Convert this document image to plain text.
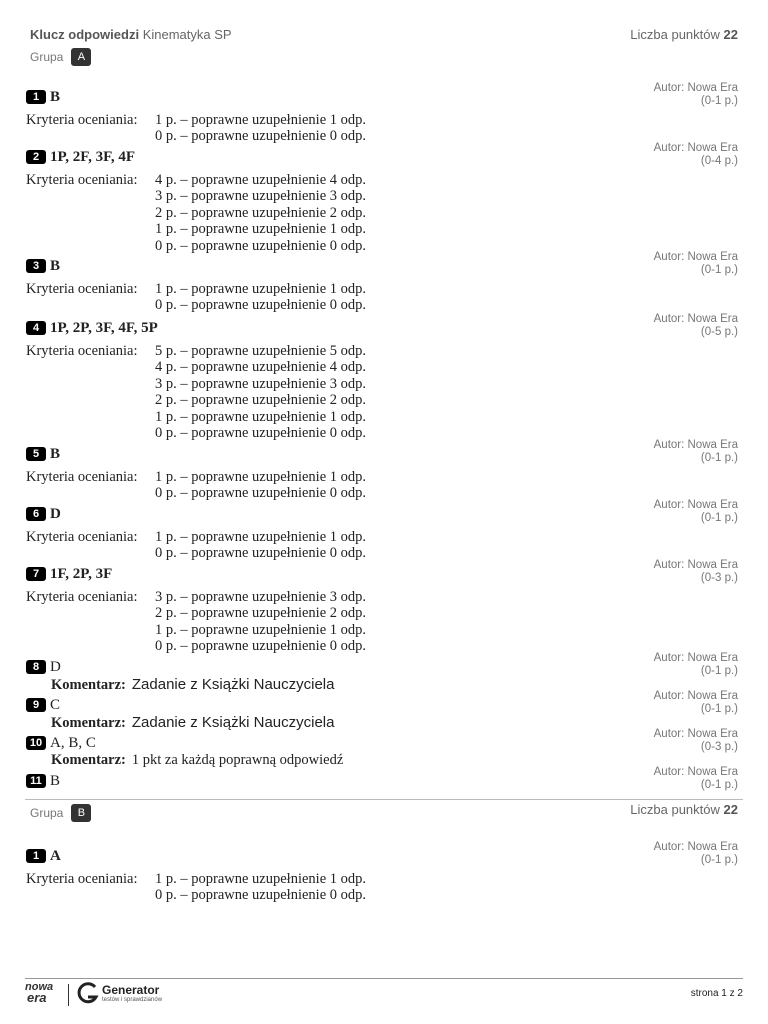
Klucz odpowiedzi Kinematyka SP	Liczba punktów 22
Grupa	A
1 B
Autor: Nowa Era
(0-1 p.)
Kryteria oceniania:	1 p. – poprawne uzupełnienie 1 odp.
0 p. – poprawne uzupełnienie 0 odp.
2 1P, 2F, 3F, 4F
Autor: Nowa Era
(0-4 p.)
Kryteria oceniania:	4 p. – poprawne uzupełnienie 4 odp.
3 p. – poprawne uzupełnienie 3 odp.
2 p. – poprawne uzupełnienie 2 odp.
1 p. – poprawne uzupełnienie 1 odp.
0 p. – poprawne uzupełnienie 0 odp.
3 B
Autor: Nowa Era
(0-1 p.)
Kryteria oceniania:	1 p. – poprawne uzupełnienie 1 odp.
0 p. – poprawne uzupełnienie 0 odp.
4 1P, 2P, 3F, 4F, 5P
Autor: Nowa Era
(0-5 p.)
Kryteria oceniania:	5 p. – poprawne uzupełnienie 5 odp.
4 p. – poprawne uzupełnienie 4 odp.
3 p. – poprawne uzupełnienie 3 odp.
2 p. – poprawne uzupełnienie 2 odp.
1 p. – poprawne uzupełnienie 1 odp.
0 p. – poprawne uzupełnienie 0 odp.
5 B
Autor: Nowa Era
(0-1 p.)
Kryteria oceniania:	1 p. – poprawne uzupełnienie 1 odp.
0 p. – poprawne uzupełnienie 0 odp.
6 D
Autor: Nowa Era
(0-1 p.)
Kryteria oceniania:	1 p. – poprawne uzupełnienie 1 odp.
0 p. – poprawne uzupełnienie 0 odp.
7 1F, 2P, 3F
Autor: Nowa Era
(0-3 p.)
Kryteria oceniania:	3 p. – poprawne uzupełnienie 3 odp.
2 p. – poprawne uzupełnienie 2 odp.
1 p. – poprawne uzupełnienie 1 odp.
0 p. – poprawne uzupełnienie 0 odp.
8 D
Autor: Nowa Era
(0-1 p.)
Komentarz: Zadanie z Książki Nauczyciela
9 C
Autor: Nowa Era
(0-1 p.)
Komentarz: Zadanie z Książki Nauczyciela
10 A, B, C
Autor: Nowa Era
(0-3 p.)
Komentarz: 1 pkt za każdą poprawną odpowiedź
11 B
Autor: Nowa Era
(0-1 p.)
Grupa	B	Liczba punktów 22
1 A
Autor: Nowa Era
(0-1 p.)
Kryteria oceniania:	1 p. – poprawne uzupełnienie 1 odp.
0 p. – poprawne uzupełnienie 0 odp.
nowa
era	Generator
testów i sprawdzianów
strona 1 z 2
